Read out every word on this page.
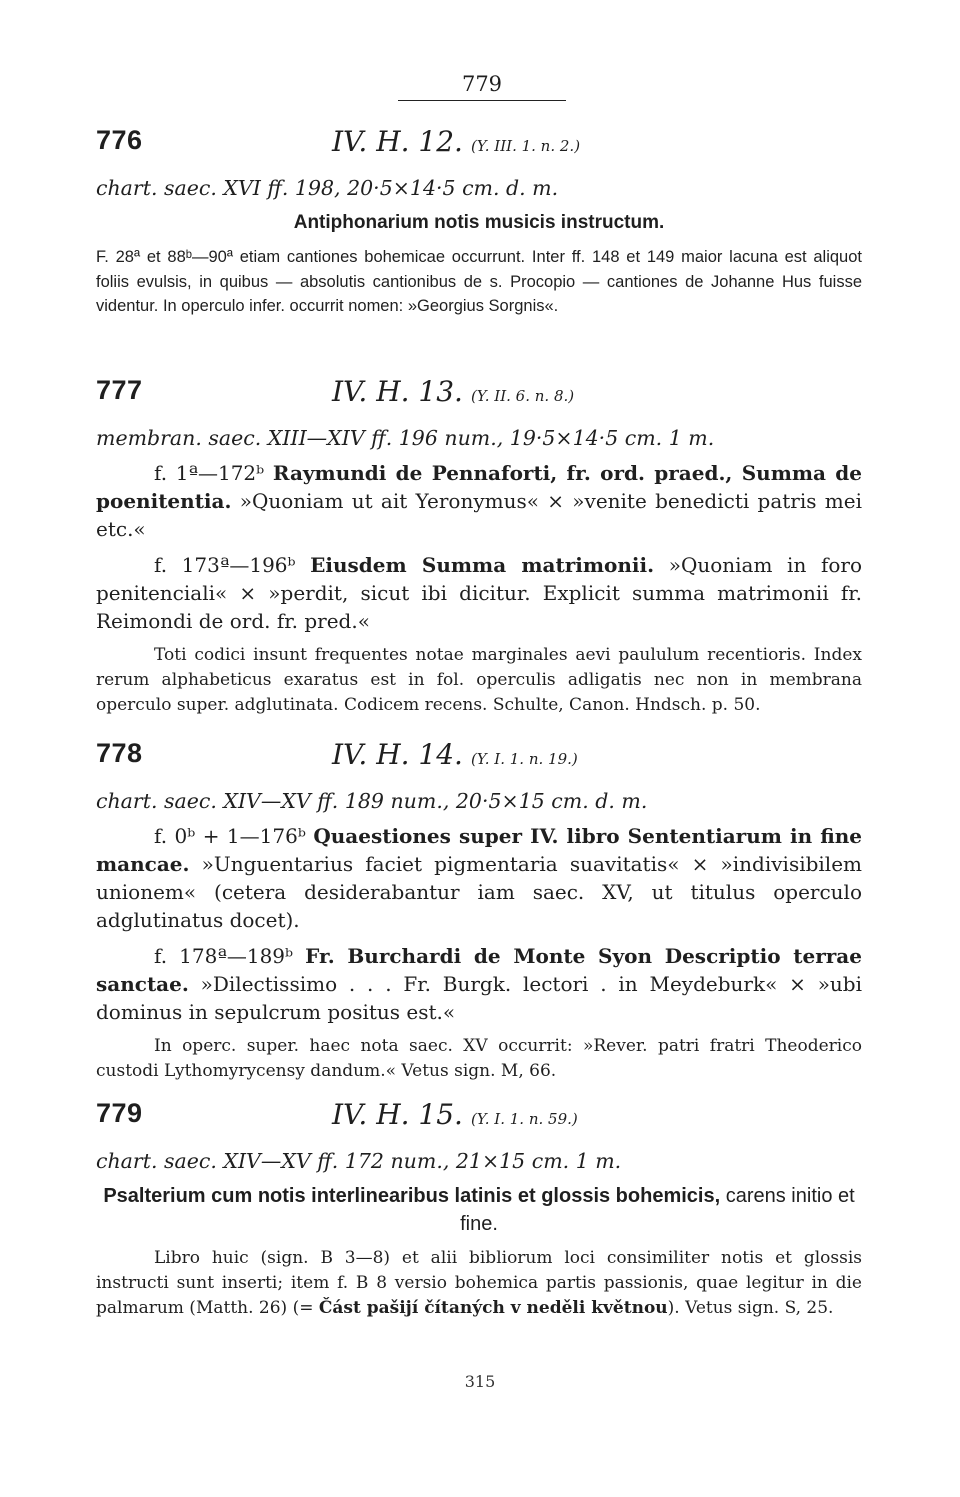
779
776	IV. H. 12. (Y. III. 1. n. 2.)
chart. saec. XVI ff. 198, 20·5×14·5 cm. d. m.
Antiphonarium notis musicis instructum.
F. 28ª et 88ᵇ—90ª etiam cantiones bohemicae occurrunt. Inter ff. 148 et 149 maior lacuna est aliquot foliis evulsis, in quibus — absolutis cantionibus de s. Procopio — cantiones de Johanne Hus fuisse videntur. In operculo infer. occurrit nomen: »Georgius Sorgnis«.
777	IV. H. 13. (Y. II. 6. n. 8.)
membran. saec. XIII—XIV ff. 196 num., 19·5×14·5 cm. 1 m.
f. 1ª—172ᵇ Raymundi de Pennaforti, fr. ord. praed., Summa de poenitentia. »Quoniam ut ait Yeronymus« × »venite benedicti patris mei etc.«
f. 173ª—196ᵇ Eiusdem Summa matrimonii. »Quoniam in foro penitenciali« × »perdit, sicut ibi dicitur. Explicit summa matrimonii fr. Reimondi de ord. fr. pred.«
Toti codici insunt frequentes notae marginales aevi paululum recentioris. Index rerum alphabeticus exaratus est in fol. operculis adligatis nec non in membrana operculo super. adglutinata. Codicem recens. Schulte, Canon. Hndsch. p. 50.
778	IV. H. 14. (Y. I. 1. n. 19.)
chart. saec. XIV—XV ff. 189 num., 20·5×15 cm. d. m.
f. 0ᵇ + 1—176ᵇ Quaestiones super IV. libro Sententiarum in fine mancae. »Unguentarius faciet pigmentaria suavitatis« × »indivisibilem unionem« (cetera desiderabantur iam saec. XV, ut titulus operculo adglutinatus docet).
f. 178ª—189ᵇ Fr. Burchardi de Monte Syon Descriptio terrae sanctae. »Dilectissimo . . . Fr. Burgk. lectori . in Meydeburk« × »ubi dominus in sepulcrum positus est.«
In operc. super. haec nota saec. XV occurrit: »Rever. patri fratri Theoderico custodi Lythomyrycensy dandum.« Vetus sign. M, 66.
779	IV. H. 15. (Y. I. 1. n. 59.)
chart. saec. XIV—XV ff. 172 num., 21×15 cm. 1 m.
Psalterium cum notis interlinearibus latinis et glossis bohemicis, carens initio et fine.
Libro huic (sign. B 3—8) et alii bibliorum loci consimiliter notis et glossis instructi sunt inserti; item f. B 8 versio bohemica partis passionis, quae legitur in die palmarum (Matth. 26) (= Část pašijí čítaných v neděli květnou). Vetus sign. S, 25.
315
